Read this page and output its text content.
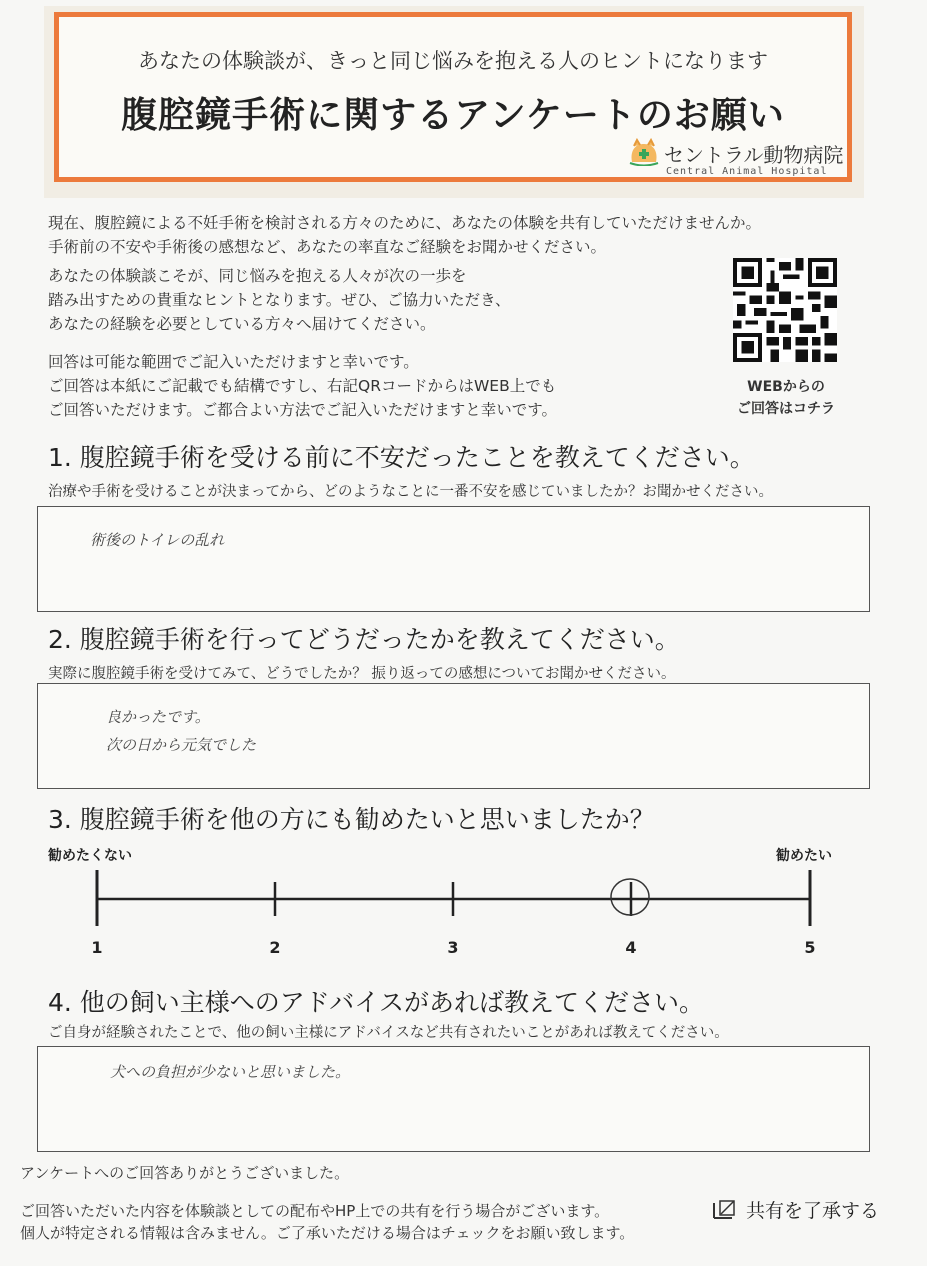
あなたの体験談が、きっと同じ悩みを抱える人のヒントになります
腹腔鏡手術に関するアンケートのお願い
セントラル動物病院
Central Animal Hospital
現在、腹腔鏡による不妊手術を検討される方々のために、あなたの体験を共有していただけませんか。
手術前の不安や手術後の感想など、あなたの率直なご経験をお聞かせください。
あなたの体験談こそが、同じ悩みを抱える人々が次の一歩を
踏み出すための貴重なヒントとなります。ぜひ、ご協力いただき、
あなたの経験を必要としている方々へ届けてください。
回答は可能な範囲でご記入いただけますと幸いです。
ご回答は本紙にご記載でも結構ですし、右記QRコードからはWEB上でも
ご回答いただけます。ご都合よい方法でご記入いただけますと幸いです。
WEBからの
ご回答はコチラ
1. 腹腔鏡手術を受ける前に不安だったことを教えてください。
治療や手術を受けることが決まってから、どのようなことに一番不安を感じていましたか？お聞かせください。
術後のトイレの乱れ
2. 腹腔鏡手術を行ってどうだったかを教えてください。
実際に腹腔鏡手術を受けてみて、どうでしたか？ 振り返っての感想についてお聞かせください。
良かったです。
次の日から元気でした
3. 腹腔鏡手術を他の方にも勧めたいと思いましたか？
勧めたくない	勧めたい
1	2	3	4	5
4. 他の飼い主様へのアドバイスがあれば教えてください。
ご自身が経験されたことで、他の飼い主様にアドバイスなど共有されたいことがあれば教えてください。
犬への負担が少ないと思いました。
アンケートへのご回答ありがとうございました。
ご回答いただいた内容を体験談としての配布やHP上での共有を行う場合がございます。
個人が特定される情報は含みません。ご了承いただける場合はチェックをお願い致します。
共有を了承する
